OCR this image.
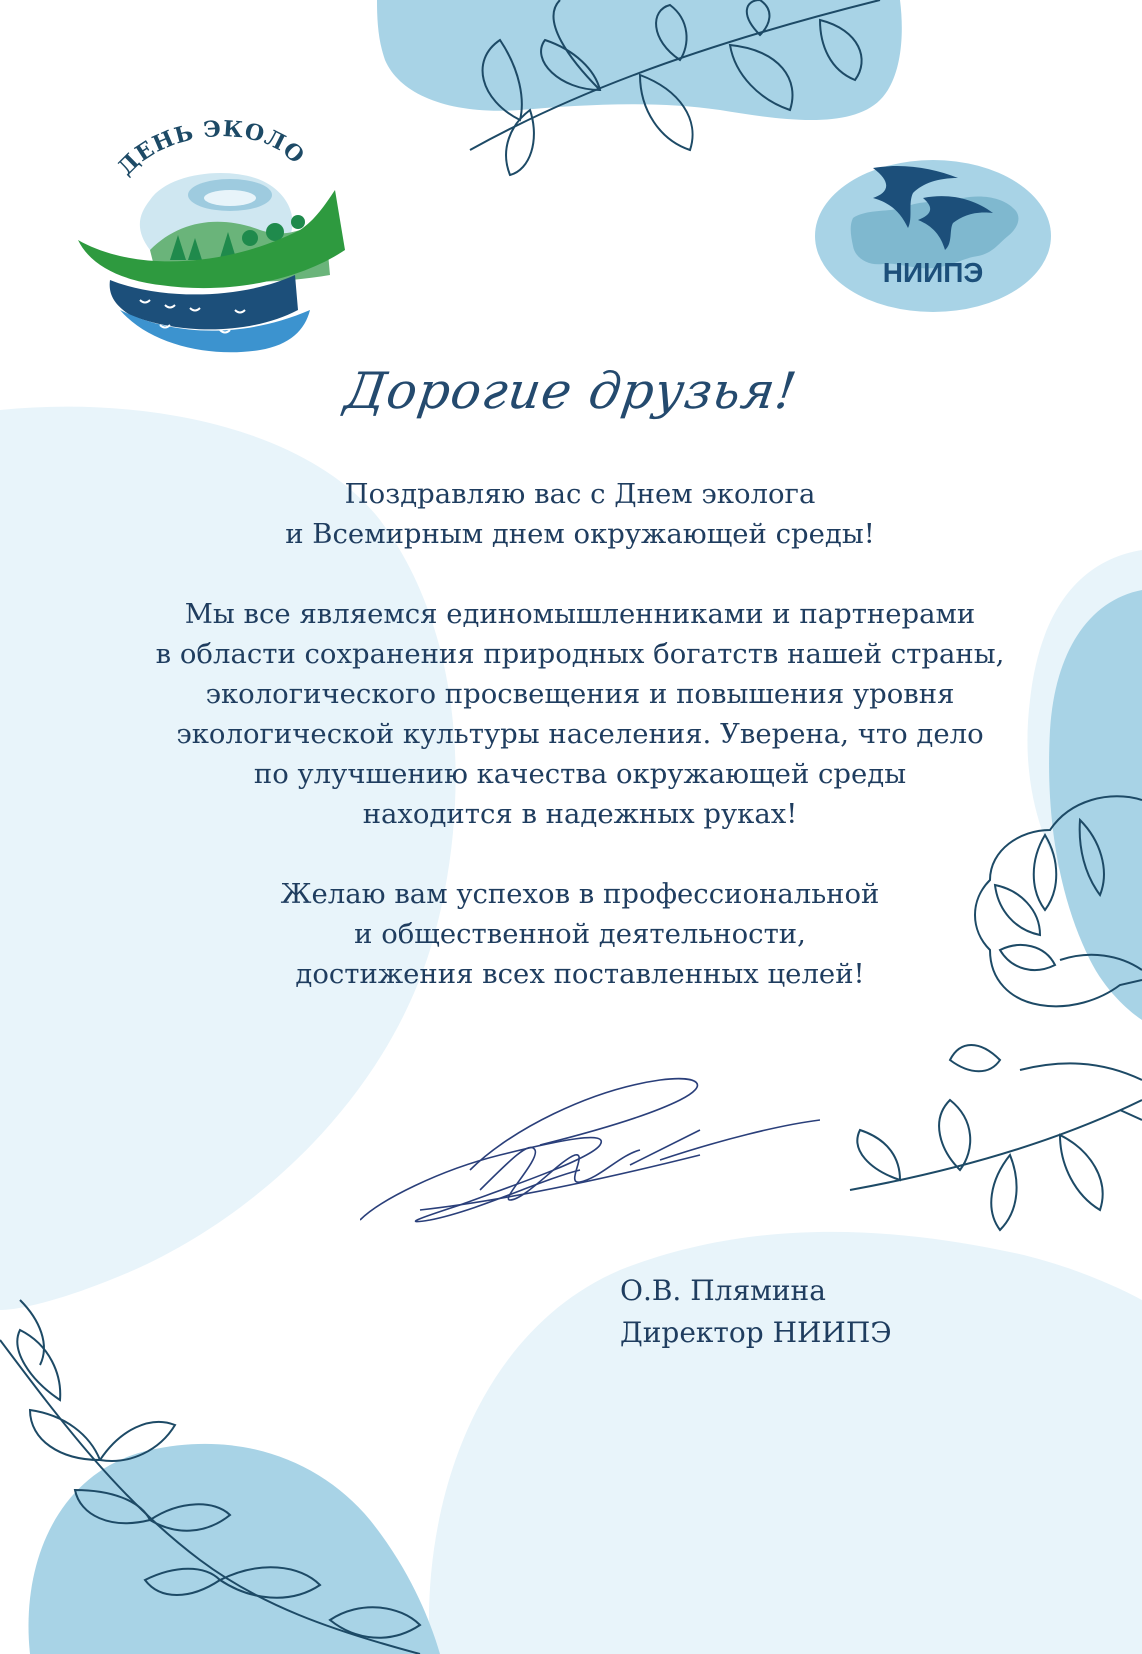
ДЕНЬ ЭКОЛО
НИИПЭ
Дорогие друзья!
Поздравляю вас с Днем эколога
и Всемирным днем окружающей среды!
Мы все являемся единомышленниками и партнерами
в области сохранения природных богатств нашей страны,
экологического просвещения и повышения уровня
экологической культуры населения. Уверена, что дело
по улучшению качества окружающей среды
находится в надежных руках!
Желаю вам успехов в профессиональной
и общественной деятельности,
достижения всех поставленных целей!
О.В. Плямина
Директор НИИПЭ
